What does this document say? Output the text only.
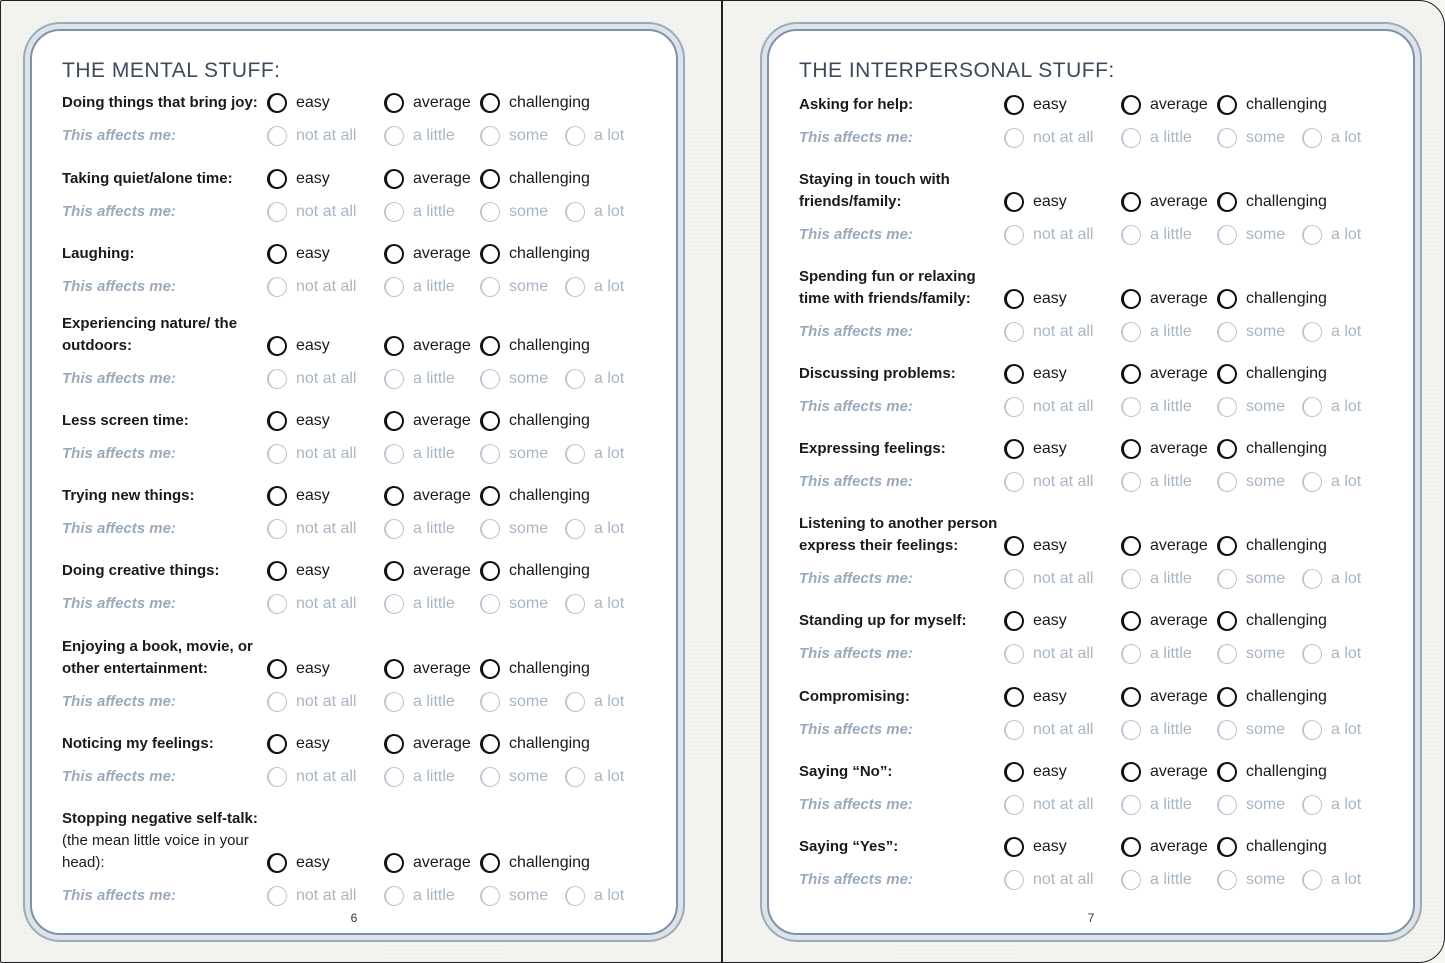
THE MENTAL STUFF:
Doing things that bring joy:	easy	average challenging
This affects me:	not at all	a little	some	a lot
Taking quiet/alone time:	easy	average challenging
This affects me:	not at all	a little	some	a lot
Laughing:	easy	average challenging
This affects me:	not at all	a little	some	a lot
Experiencing nature/ the outdoors:	easy	average challenging
This affects me:	not at all	a little	some	a lot
Less screen time:	easy	average challenging
This affects me:	not at all	a little	some	a lot
Trying new things:	easy	average challenging
This affects me:	not at all	a little	some	a lot
Doing creative things:	easy	average challenging
This affects me:	not at all	a little	some	a lot
Enjoying a book, movie, or other entertainment:	easy	average challenging
This affects me:	not at all	a little	some	a lot
Noticing my feelings:	easy	average challenging
This affects me:	not at all	a little	some	a lot
Stopping negative self-talk:
(the mean little voice in your head):	easy	average challenging
This affects me:	not at all	a little	some	a lot
6
THE INTERPERSONAL STUFF:
Asking for help:	easy	average challenging
This affects me:	not at all	a little	some	a lot
Staying in touch with friends/family:	easy	average challenging
This affects me:	not at all	a little	some	a lot
Spending fun or relaxing time with friends/family:	easy	average challenging
This affects me:	not at all	a little	some	a lot
Discussing problems:	easy	average challenging
This affects me:	not at all	a little	some	a lot
Expressing feelings:	easy	average challenging
This affects me:	not at all	a little	some	a lot
Listening to another person express their feelings:	easy	average challenging
This affects me:	not at all	a little	some	a lot
Standing up for myself:	easy	average challenging
This affects me:	not at all	a little	some	a lot
Compromising:	easy	average challenging
This affects me:	not at all	a little	some	a lot
Saying “No”:	easy	average challenging
This affects me:	not at all	a little	some	a lot
Saying “Yes”:	easy	average challenging
This affects me:	not at all	a little	some	a lot
7
